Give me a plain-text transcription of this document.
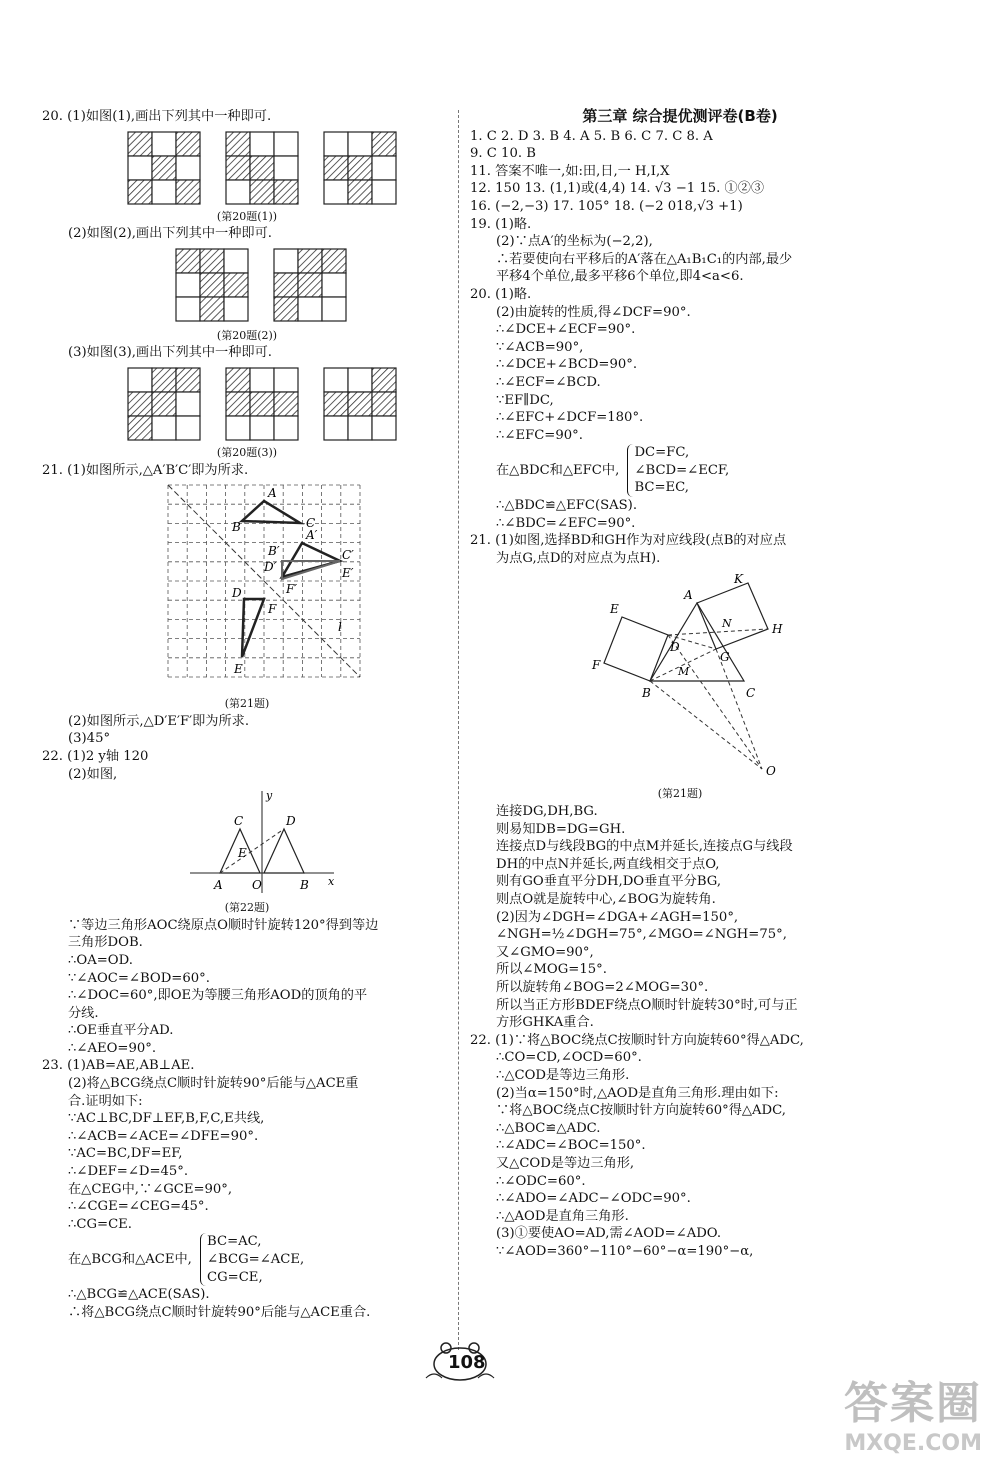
20. (1)如图(1),画出下列其中一种即可.
(第20题(1))
(2)如图(2),画出下列其中一种即可.
(第20题(2))
(3)如图(3),画出下列其中一种即可.
(第20题(3))
21. (1)如图所示,△A′B′C′即为所求.
A
C
B
B′
A′
C′
D′	E′
D	F′
F
E
l
(第21题)
(2)如图所示,△D′E′F′即为所求.
(3)45°
22. (1)2 y轴 120
(2)如图,
y
C	D
E
A O	B x
(第22题)
∵等边三角形AOC绕原点O顺时针旋转120°得到等边
三角形DOB.
∴OA=OD.
∵∠AOC=∠BOD=60°.
∴∠DOC=60°,即OE为等腰三角形AOD的顶角的平
分线.
∴OE垂直平分AD.
∴∠AEO=90°.
23. (1)AB=AE,AB⊥AE.
(2)将△BCG绕点C顺时针旋转90°后能与△ACE重
合.证明如下:
∵AC⊥BC,DF⊥EF,B,F,C,E共线,
∴∠ACB=∠ACE=∠DFE=90°.
∵AC=BC,DF=EF,
∴∠DEF=∠D=45°.
在△CEG中,∵∠GCE=90°,
∴∠CGE=∠CEG=45°.
∴CG=CE.
在△BCG和△ACE中,
BC=AC,
∠BCG=∠ACE,
CG=CE,
∴△BCG≌△ACE(SAS).
∴将△BCG绕点C顺时针旋转90°后能与△ACE重合.
第三章 综合提优测评卷(B卷)
1. C 2. D 3. B 4. A 5. B 6. C 7. C 8. A
9. C 10. B
11. 答案不唯一,如:田,日,一 H,I,X
12. 150 13. (1,1)或(4,4) 14. √3 −1 15. ①②③
16. (−2,−3) 17. 105° 18. (−2 018,√3 +1)
19. (1)略.
(2)∵点A′的坐标为(−2,2),
∴若要使向右平移后的A′落在△A₁B₁C₁的内部,最少
平移4个单位,最多平移6个单位,即4<a<6.
20. (1)略.
(2)由旋转的性质,得∠DCF=90°.
∴∠DCE+∠ECF=90°.
∵∠ACB=90°,
∴∠DCE+∠BCD=90°.
∴∠ECF=∠BCD.
∵EF∥DC,
∴∠EFC+∠DCF=180°.
∴∠EFC=90°.
在△BDC和△EFC中,
DC=FC,
∠BCD=∠ECF,
BC=EC,
∴△BDC≌△EFC(SAS).
∴∠BDC=∠EFC=90°.
21. (1)如图,选择BD和GH作为对应线段(点B的对应点
为点G,点D的对应点为点H).
K
A
E
N	H
D
G
F	M
B	C
O
(第21题)
连接DG,DH,BG.
则易知DB=DG=GH.
连接点D与线段BG的中点M并延长,连接点G与线段
DH的中点N并延长,两直线相交于点O,
则有GO垂直平分DH,DO垂直平分BG,
则点O就是旋转中心,∠BOG为旋转角.
(2)因为∠DGH=∠DGA+∠AGH=150°,
∠NGH=½∠DGH=75°,∠MGO=∠NGH=75°,
又∠GMO=90°,
所以∠MOG=15°.
所以旋转角∠BOG=2∠MOG=30°.
所以当正方形BDEF绕点O顺时针旋转30°时,可与正
方形GHKA重合.
22. (1)∵将△BOC绕点C按顺时针方向旋转60°得△ADC,
∴CO=CD,∠OCD=60°.
∴△COD是等边三角形.
(2)当α=150°时,△AOD是直角三角形.理由如下:
∵将△BOC绕点C按顺时针方向旋转60°得△ADC,
∴△BOC≌△ADC.
∴∠ADC=∠BOC=150°.
又△COD是等边三角形,
∴∠ODC=60°.
∴∠ADO=∠ADC−∠ODC=90°.
∴△AOD是直角三角形.
(3)①要使AO=AD,需∠AOD=∠ADO.
∵∠AOD=360°−110°−60°−α=190°−α,
108
答案圈
MXQE.COM
